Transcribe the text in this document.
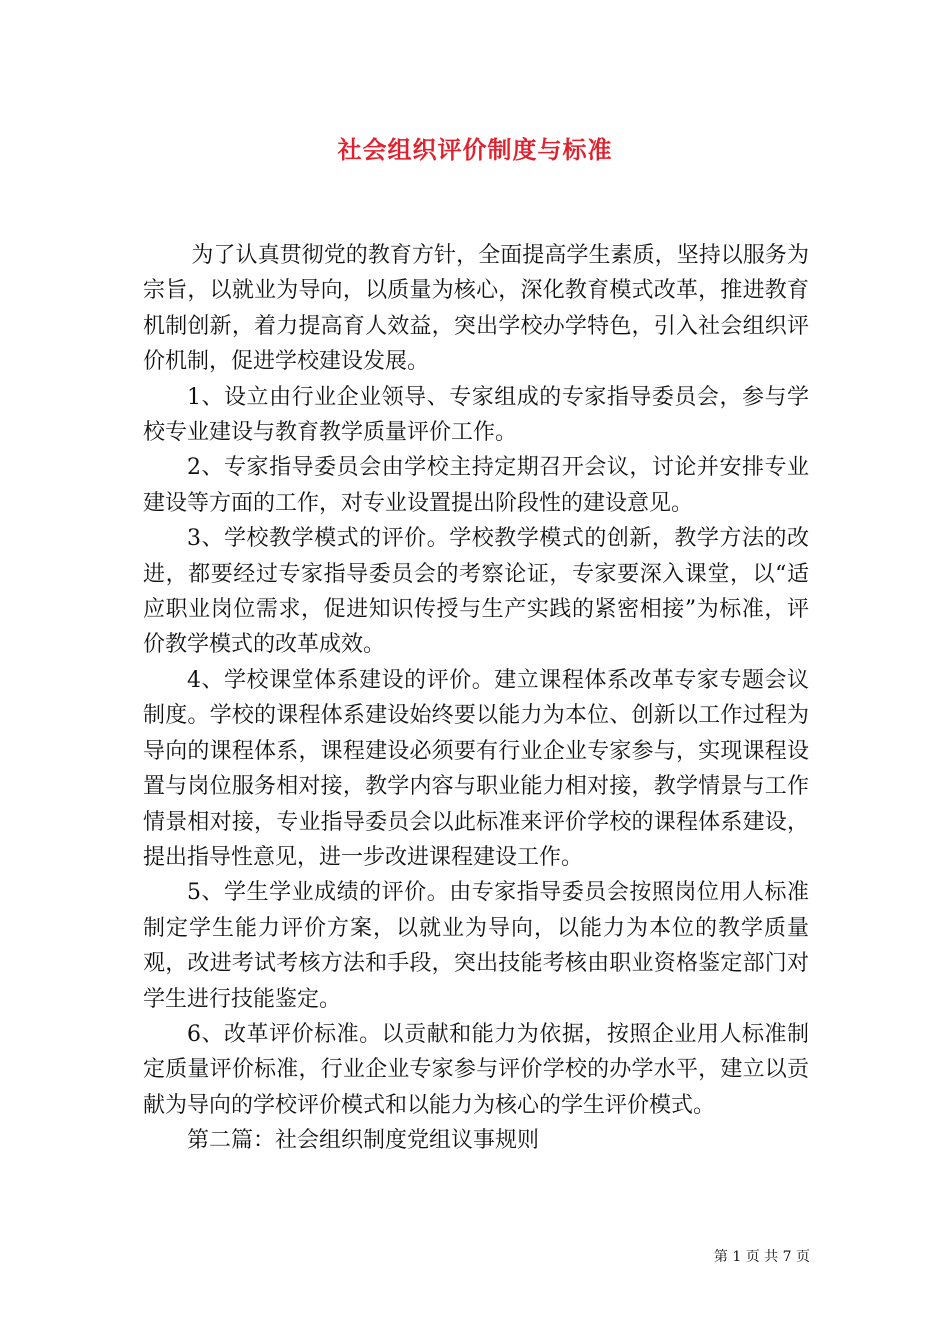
社会组织评价制度与标准

为了认真贯彻党的教育方针，全面提高学生素质，坚持以服务为宗旨，以就业为导向，以质量为核心，深化教育模式改革，推进教育机制创新，着力提高育人效益，突出学校办学特色，引入社会组织评价机制，促进学校建设发展。

1、设立由行业企业领导、专家组成的专家指导委员会，参与学校专业建设与教育教学质量评价工作。

2、专家指导委员会由学校主持定期召开会议，讨论并安排专业建设等方面的工作，对专业设置提出阶段性的建设意见。

3、学校教学模式的评价。学校教学模式的创新，教学方法的改进，都要经过专家指导委员会的考察论证，专家要深入课堂，以“适应职业岗位需求，促进知识传授与生产实践的紧密相接”为标准，评价教学模式的改革成效。

4、学校课堂体系建设的评价。建立课程体系改革专家专题会议制度。学校的课程体系建设始终要以能力为本位、创新以工作过程为导向的课程体系，课程建设必须要有行业企业专家参与，实现课程设置与岗位服务相对接，教学内容与职业能力相对接，教学情景与工作情景相对接，专业指导委员会以此标准来评价学校的课程体系建设，提出指导性意见，进一步改进课程建设工作。

5、学生学业成绩的评价。由专家指导委员会按照岗位用人标准制定学生能力评价方案，以就业为导向，以能力为本位的教学质量观，改进考试考核方法和手段，突出技能考核由职业资格鉴定部门对学生进行技能鉴定。

6、改革评价标准。以贡献和能力为依据，按照企业用人标准制定质量评价标准，行业企业专家参与评价学校的办学水平，建立以贡献为导向的学校评价模式和以能力为核心的学生评价模式。

第二篇：社会组织制度党组议事规则

第 1 页 共 7 页
